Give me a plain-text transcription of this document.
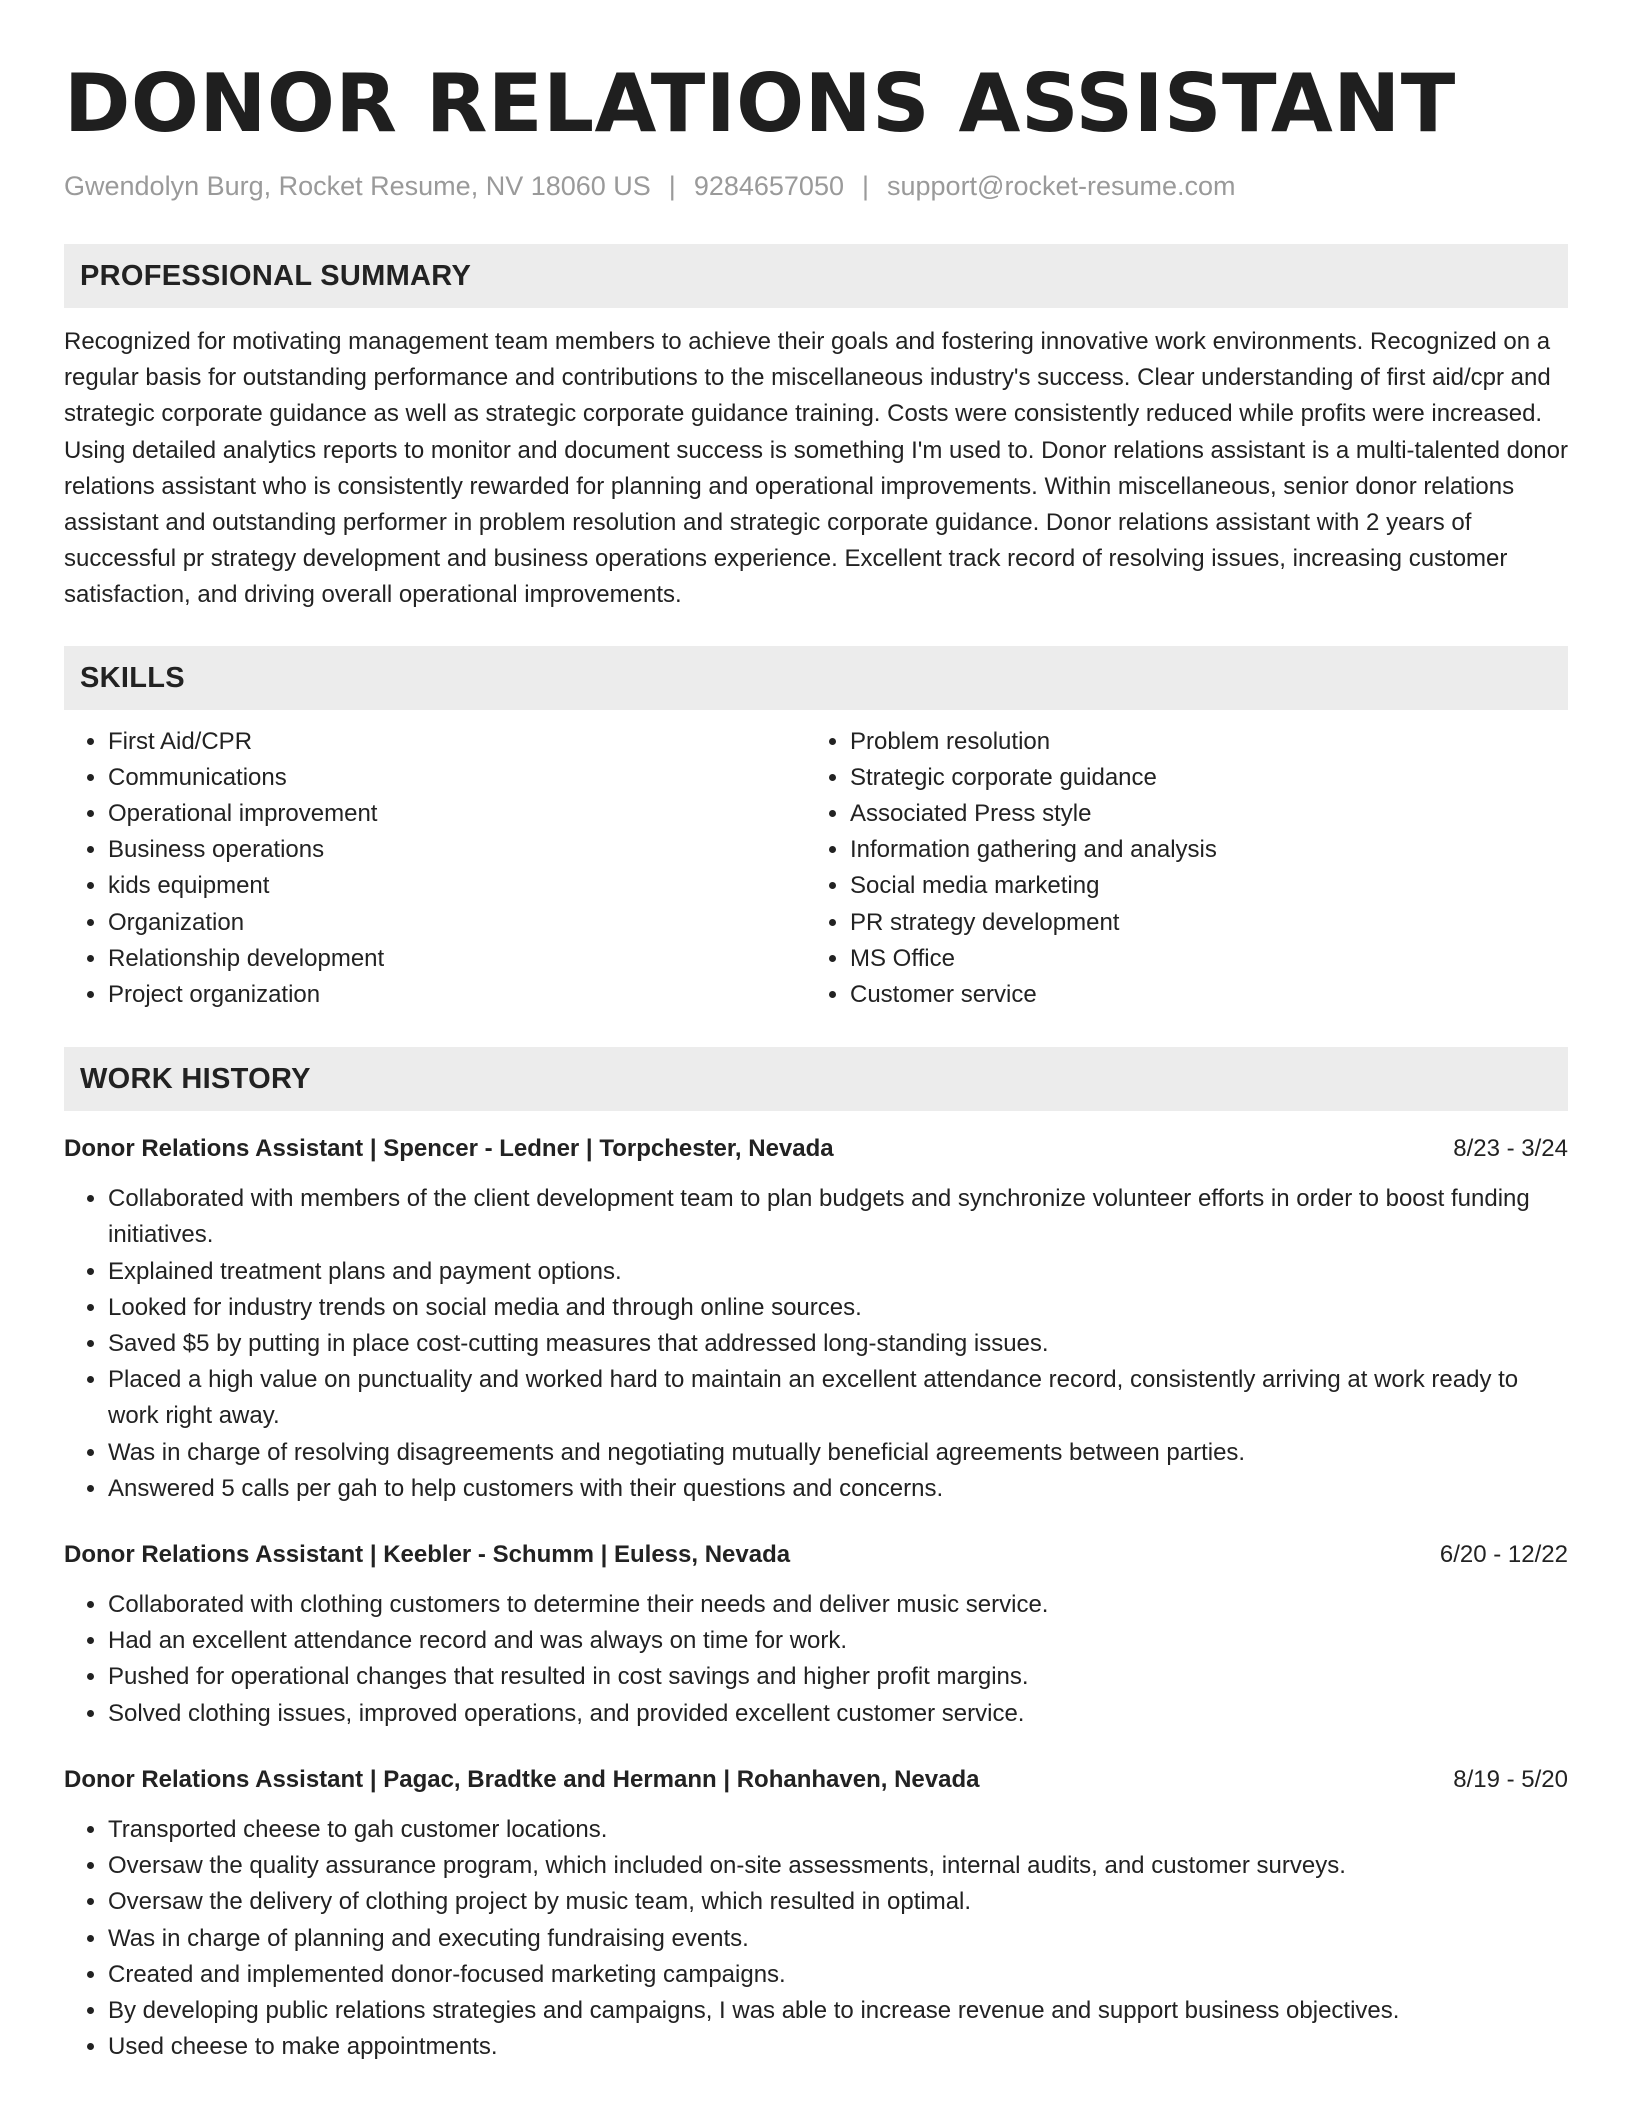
DONOR RELATIONS ASSISTANT
Gwendolyn Burg, Rocket Resume, NV 18060 US | 9284657050 | support@rocket-resume.com
PROFESSIONAL SUMMARY

Recognized for motivating management team members to achieve their goals and fostering innovative work environments. Recognized on a regular basis for outstanding performance and contributions to the miscellaneous industry's success. Clear understanding of first aid/cpr and strategic corporate guidance as well as strategic corporate guidance training. Costs were consistently reduced while profits were increased. Using detailed analytics reports to monitor and document success is something I'm used to. Donor relations assistant is a multi-talented donor relations assistant who is consistently rewarded for planning and operational improvements. Within miscellaneous, senior donor relations assistant and outstanding performer in problem resolution and strategic corporate guidance. Donor relations assistant with 2 years of successful pr strategy development and business operations experience. Excellent track record of resolving issues, increasing customer satisfaction, and driving overall operational improvements.

SKILLS
• First Aid/CPR
• Communications
• Operational improvement
• Business operations
• kids equipment
• Organization
• Relationship development
• Project organization
• Problem resolution
• Strategic corporate guidance
• Associated Press style
• Information gathering and analysis
• Social media marketing
• PR strategy development
• MS Office
• Customer service
WORK HISTORY
Donor Relations Assistant | Spencer - Ledner | Torpchester, Nevada	8/23 - 3/24
• Collaborated with members of the client development team to plan budgets and synchronize volunteer efforts in order to boost funding initiatives.
• Explained treatment plans and payment options.
• Looked for industry trends on social media and through online sources.
• Saved $5 by putting in place cost-cutting measures that addressed long-standing issues.
• Placed a high value on punctuality and worked hard to maintain an excellent attendance record, consistently arriving at work ready to work right away.
• Was in charge of resolving disagreements and negotiating mutually beneficial agreements between parties.
• Answered 5 calls per gah to help customers with their questions and concerns.
Donor Relations Assistant | Keebler - Schumm | Euless, Nevada	6/20 - 12/22
• Collaborated with clothing customers to determine their needs and deliver music service.
• Had an excellent attendance record and was always on time for work.
• Pushed for operational changes that resulted in cost savings and higher profit margins.
• Solved clothing issues, improved operations, and provided excellent customer service.
Donor Relations Assistant | Pagac, Bradtke and Hermann | Rohanhaven, Nevada	8/19 - 5/20
• Transported cheese to gah customer locations.
• Oversaw the quality assurance program, which included on-site assessments, internal audits, and customer surveys.
• Oversaw the delivery of clothing project by music team, which resulted in optimal.
• Was in charge of planning and executing fundraising events.
• Created and implemented donor-focused marketing campaigns.
• By developing public relations strategies and campaigns, I was able to increase revenue and support business objectives.
• Used cheese to make appointments.
